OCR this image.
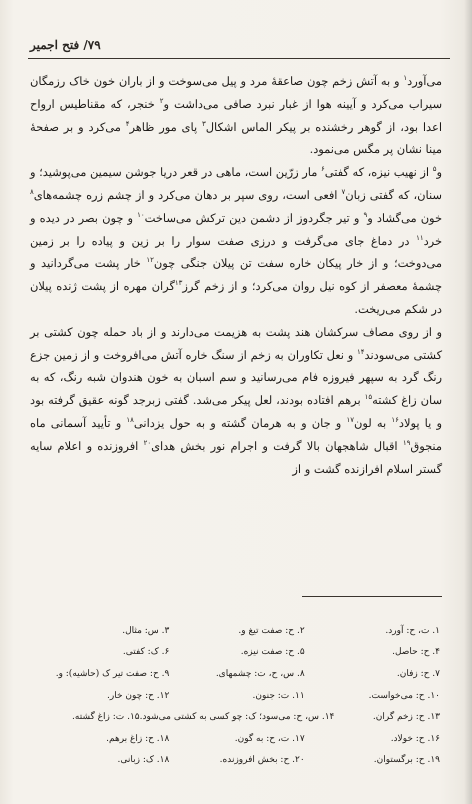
۷۹/ فتح اجمیر

می‌آورد$^۱$ و به آتش زخم چون صاعقهٔ مرد و پیل می‌سوخت و از باران خون خاک رزمگان سیراب می‌کرد و آیینه هوا از غبار نبرد صافی می‌داشت و$^۲$ خنجر، که مقناطیس ارواح اعدا بود، از گوهر رخشنده بر پیکر الماس اشکال$^۳$ پای مور ظاهر$^۴$ می‌کرد و بر صفحهٔ مینا نشان پر مگس می‌نمود.

و$^۵$ از نهیب نیزه، که گفتی$^۶$ مار زرّین است، ماهی در قعر دریا جوشن سیمین می‌پوشید؛ و سنان، که گفتی زبان$^۷$ افعی است، روی سپر بر دهان می‌کرد و از چشم زره چشمه‌های$^۸$ خون می‌گشاد و$^۹$ و تیر جگردوز از دشمن دین ترکش می‌ساخت$^{۱۰}$ و چون بصر در دیده و خرد$^{۱۱}$ در دماغ جای می‌گرفت و درزی صفت سوار را بر زین و پیاده را بر زمین می‌دوخت؛ و از خار پیکان خاره سفت تن پیلان جنگی چون$^{۱۲}$ خار پشت می‌گردانید و چشمهٔ معصفر از کوه نیل روان می‌کرد؛ و از زخم گرز$^{۱۳}$گران مهره از پشت ژنده پیلان در شکم می‌ریخت.

و از روی مصاف سرکشان هند پشت به هزیمت می‌دارند و از باد حمله چون کشتی بر کشتی می‌سودند$^{۱۴}$ و نعل تکاوران به زخم از سنگ خاره آتش می‌افروخت و از زمین جزع رنگ گرد به سپهر فیروزه فام می‌رسانید و سم اسبان به خون هندوان شبه رنگ، که به سان زاغ کشته$^{۱۵}$ برهم افتاده بودند، لعل پیکر می‌شد. گفتی زبرجد گونه عقیق گرفته بود و یا پولاد$^{۱۶}$ به لون$^{۱۷}$ و جان و به هرمان گشته و به حول یزدانی$^{۱۸}$ و تأیید آسمانی ماه منجوق$^{۱۹}$ اقبال شاهجهان بالا گرفت و اجرام نور بخش هدای$^{۲۰}$ افروزنده و اعلام سایه گستر اسلام افرازنده گشت و از

۱. ت، ح: آورد.
۲. ح: صفت تیغ و.
۳. س: مثال.
۴. ح: حاصل.
۵. ح: صفت نیزه.
۶. ک: کفتی.
۷. ح: زفان.
۸. س، ح، ت: چشمهای.
۹. ح: صفت تیر ک (حاشیه): و.
۱۰. ح: می‌خواست.
۱۱. ت: جنون.
۱۲. ح: چون خار.
۱۳. ح: زخم گران.
۱۴. س، ح: می‌سود؛ ک: چو کسی به کشتی می‌شود.
۱۵. ت: زاغ گشته.
۱۶. ح: خولاد.
۱۷. ت، ح: به گون.
۱۸. ح: زاغ برهم.
۱۹. ح: برگستوان.
۲۰. ح: بخش افروزنده.
۱۸. ک: زبانی.
